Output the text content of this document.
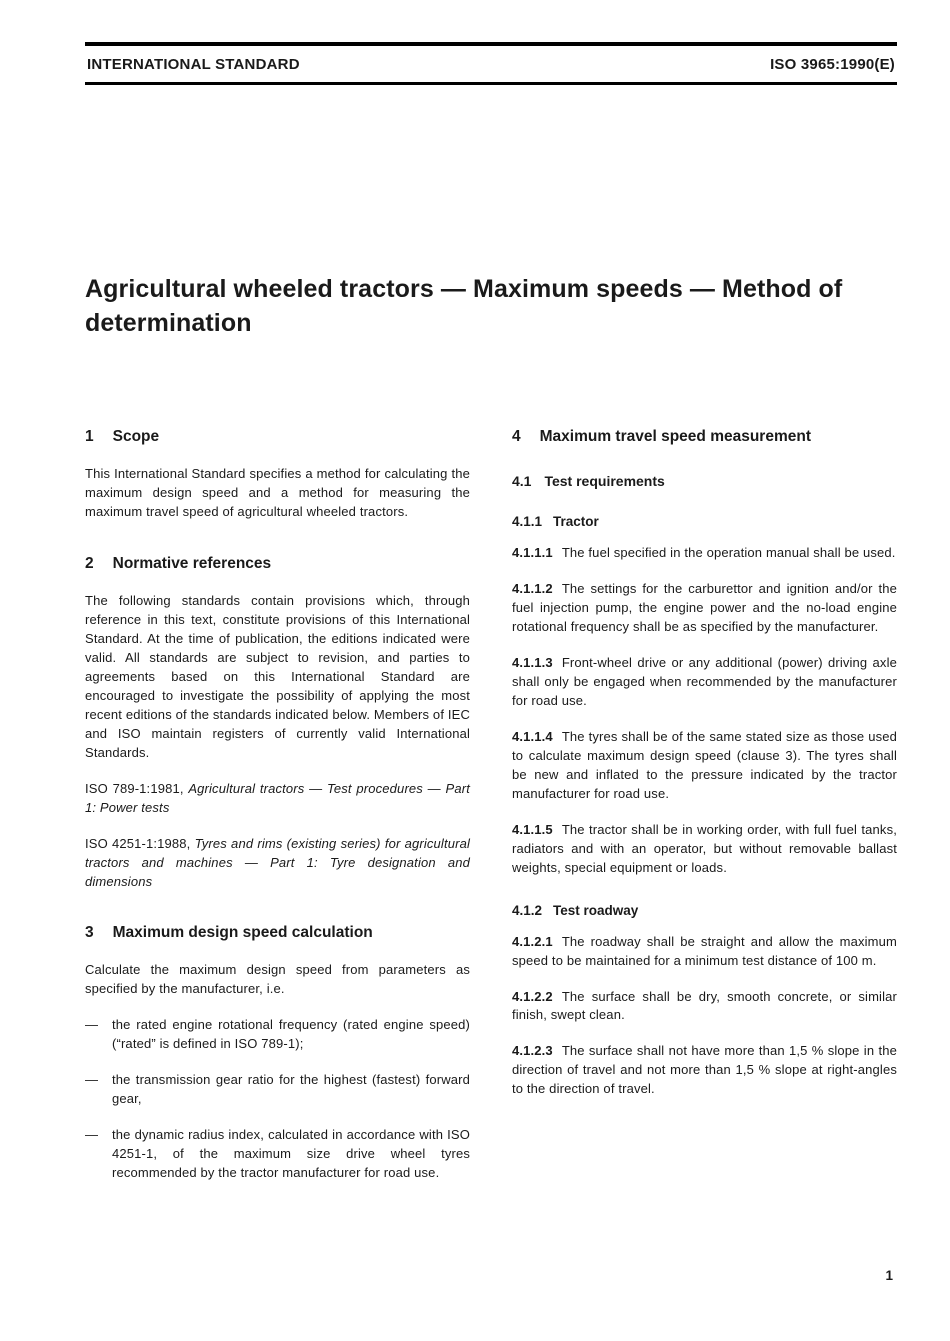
INTERNATIONAL STANDARD	ISO 3965:1990(E)
Agricultural wheeled tractors — Maximum speeds — Method of determination
1 Scope

This International Standard specifies a method for calculating the maximum design speed and a method for measuring the maximum travel speed of agricultural wheeled tractors.

2 Normative references

The following standards contain provisions which, through reference in this text, constitute provisions of this International Standard. At the time of publication, the editions indicated were valid. All standards are subject to revision, and parties to agreements based on this International Standard are encouraged to investigate the possibility of applying the most recent editions of the standards indicated below. Members of IEC and ISO maintain registers of currently valid International Standards.

ISO 789-1:1981, Agricultural tractors — Test procedures — Part 1: Power tests

ISO 4251-1:1988, Tyres and rims (existing series) for agricultural tractors and machines — Part 1: Tyre designation and dimensions

3 Maximum design speed calculation

Calculate the maximum design speed from parameters as specified by the manufacturer, i.e.

—	the rated engine rotational frequency (rated engine speed) (“rated” is defined in ISO 789-1);
—	the transmission gear ratio for the highest (fastest) forward gear,
—	the dynamic radius index, calculated in accordance with ISO 4251-1, of the maximum size drive wheel tyres recommended by the tractor manufacturer for road use.
4 Maximum travel speed measurement
4.1 Test requirements
4.1.1 Tractor

4.1.1.1 The fuel specified in the operation manual shall be used.

4.1.1.2 The settings for the carburettor and ignition and/or the fuel injection pump, the engine power and the no-load engine rotational frequency shall be as specified by the manufacturer.

4.1.1.3 Front-wheel drive or any additional (power) driving axle shall only be engaged when recommended by the manufacturer for road use.

4.1.1.4 The tyres shall be of the same stated size as those used to calculate maximum design speed (clause 3). The tyres shall be new and inflated to the pressure indicated by the tractor manufacturer for road use.

4.1.1.5 The tractor shall be in working order, with full fuel tanks, radiators and with an operator, but without removable ballast weights, special equipment or loads.

4.1.2 Test roadway

4.1.2.1 The roadway shall be straight and allow the maximum speed to be maintained for a minimum test distance of 100 m.

4.1.2.2 The surface shall be dry, smooth concrete, or similar finish, swept clean.

4.1.2.3 The surface shall not have more than 1,5 % slope in the direction of travel and not more than 1,5 % slope at right-angles to the direction of travel.

1
